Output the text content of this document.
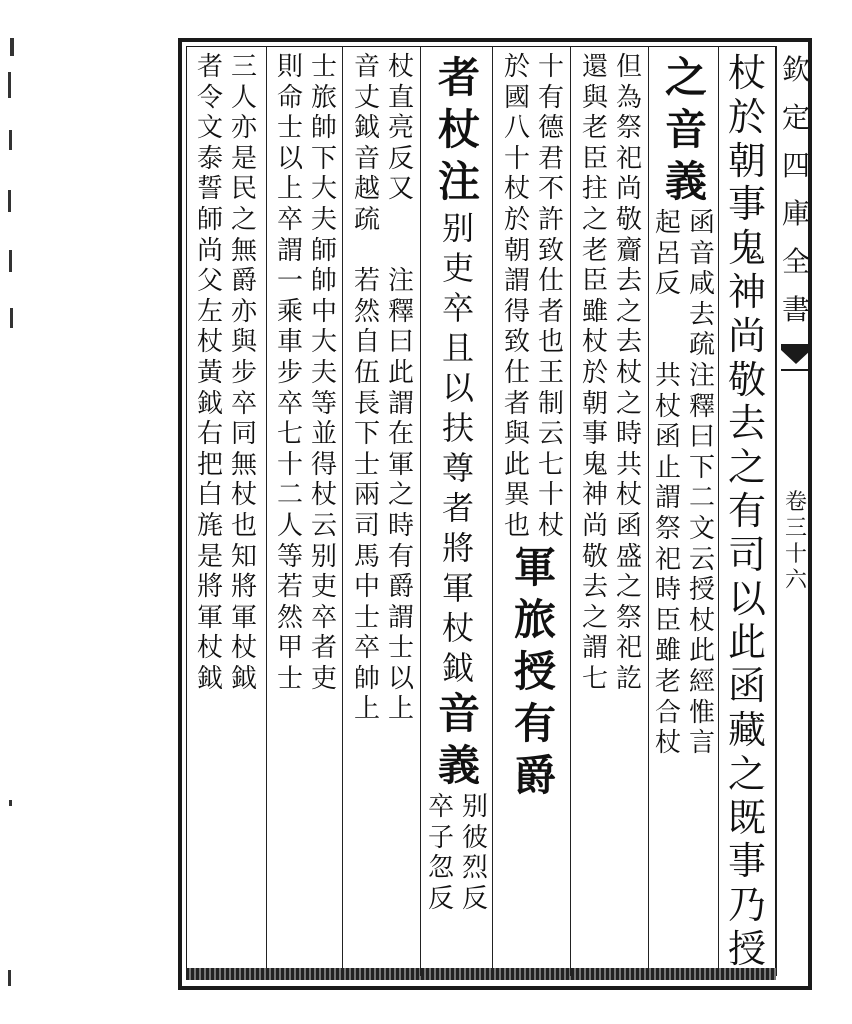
欽
定
四
庫
全
書
卷
三
十
六
杖
於
朝
事
鬼
神
尚
敬
去
之
有
司
以
此
函
藏
之
既
事
乃
授
之
音
義
函
音
咸
去
疏
注
釋
曰
下
二
文
云
授
杖
此
經
惟
言
起
呂
反
共
杖
函
止
謂
祭
祀
時
臣
雖
老
合
杖
但
為
祭
祀
尚
敬
齎
去
之
去
杖
之
時
共
杖
函
盛
之
祭
祀
訖
還
與
老
臣
拄
之
老
臣
雖
杖
於
朝
事
鬼
神
尚
敬
去
之
謂
七
十
有
德
君
不
許
致
仕
者
也
王
制
云
七
十
杖
於
國
八
十
杖
於
朝
謂
得
致
仕
者
與
此
異
也
軍
旅
授
有
爵
者
杖
注
别
吏
卒
且
以
扶
尊
者
將
軍
杖
鉞
音
義
别
彼
烈
反
卒
子
忽
反
杖
直
亮
反
又
注
釋
曰
此
謂
在
軍
之
時
有
爵
謂
士
以
上
音
丈
鉞
音
越
疏
若
然
自
伍
長
下
士
兩
司
馬
中
士
卒
帥
上
士
旅
帥
下
大
夫
師
帥
中
大
夫
等
並
得
杖
云
别
吏
卒
者
吏
則
命
士
以
上
卒
謂
一
乘
車
步
卒
七
十
二
人
等
若
然
甲
士
三
人
亦
是
民
之
無
爵
亦
與
步
卒
同
無
杖
也
知
將
軍
杖
鉞
者
令
文
泰
誓
師
尚
父
左
杖
黃
鉞
右
把
白
旄
是
將
軍
杖
鉞
